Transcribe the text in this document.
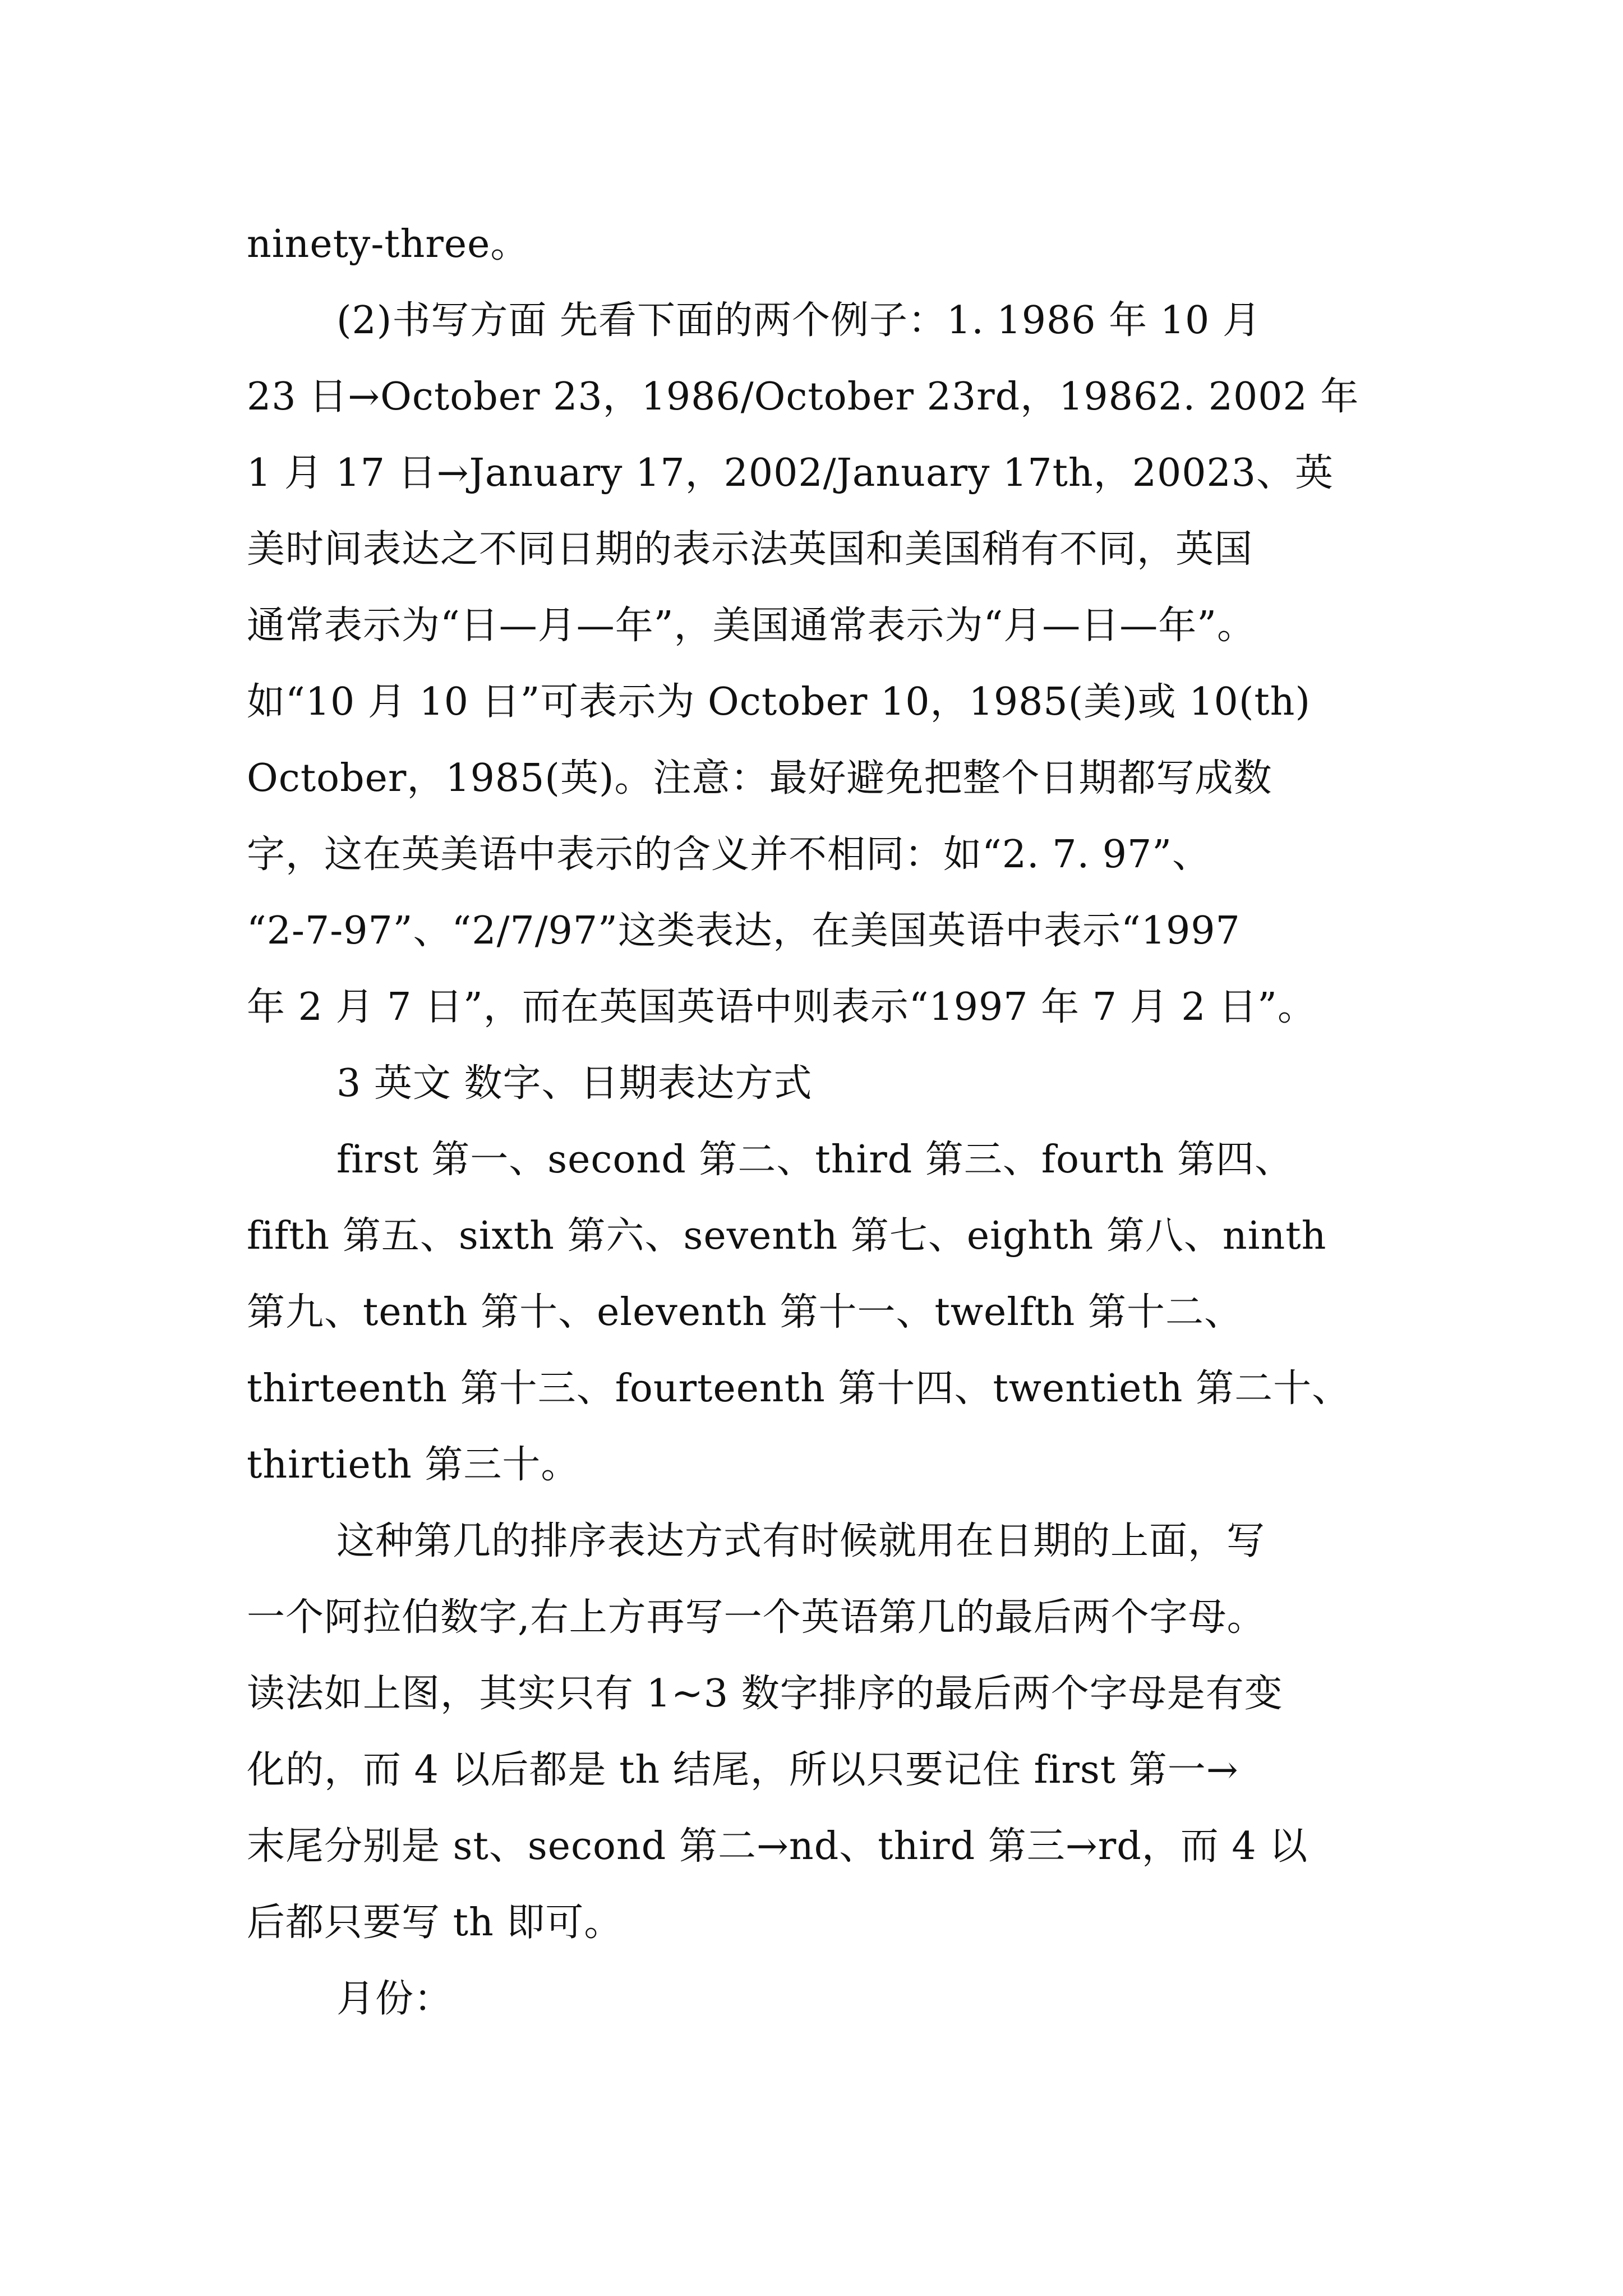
ninety-three。
(2)书写方面 先看下面的两个例子：1. 1986 年 10 月
23 日→October 23，1986/October 23rd，19862. 2002 年
1 月 17 日→January 17，2002/January 17th，20023、英
美时间表达之不同日期的表示法英国和美国稍有不同，英国
通常表示为“日—月—年”，美国通常表示为“月—日—年”。
如“10 月 10 日”可表示为 October 10，1985(美)或 10(th)
October，1985(英)。注意：最好避免把整个日期都写成数
字，这在英美语中表示的含义并不相同：如“2. 7. 97”、
“2-7-97”、“2/7/97”这类表达，在美国英语中表示“1997
年 2 月 7 日”，而在英国英语中则表示“1997 年 7 月 2 日”。
3 英文 数字、日期表达方式
first 第一、second 第二、third 第三、fourth 第四、
fifth 第五、sixth 第六、seventh 第七、eighth 第八、ninth
第九、tenth 第十、eleventh 第十一、twelfth 第十二、
thirteenth 第十三、fourteenth 第十四、twentieth 第二十、
thirtieth 第三十。
这种第几的排序表达方式有时候就用在日期的上面，写
一个阿拉伯数字,右上方再写一个英语第几的最后两个字母。
读法如上图，其实只有 1~3 数字排序的最后两个字母是有变
化的，而 4 以后都是 th 结尾，所以只要记住 first 第一→
末尾分别是 st、second 第二→nd、third 第三→rd，而 4 以
后都只要写 th 即可。
月份：
